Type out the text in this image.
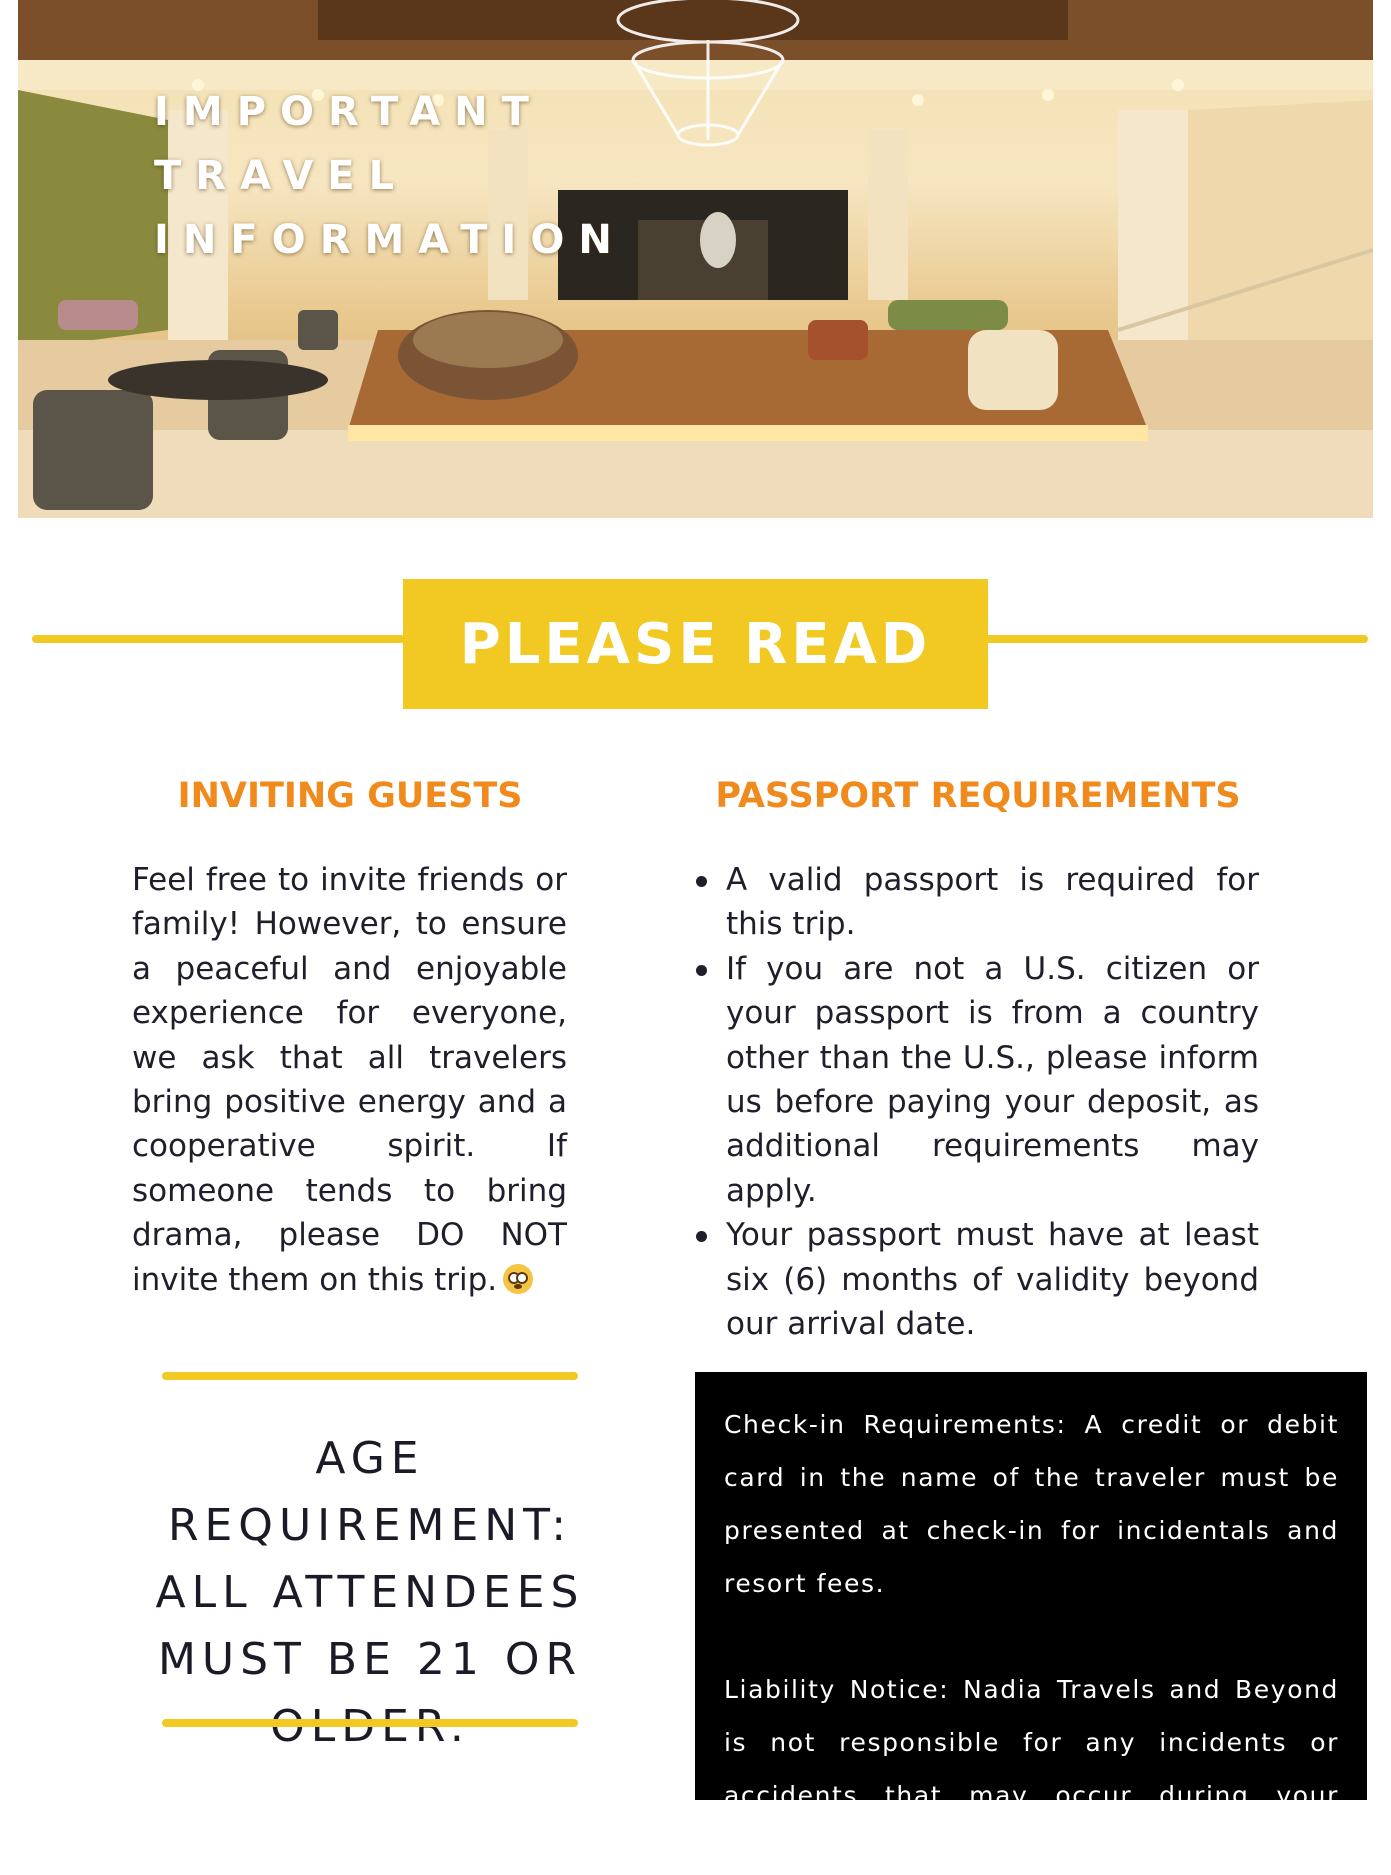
IMPORTANT
TRAVEL
INFORMATION
PLEASE READ
INVITING GUESTS

Feel free to invite friends or family! However, to ensure a peaceful and enjoyable experience for everyone, we ask that all travelers bring positive energy and a cooperative spirit. If someone tends to bring drama, please DO NOT invite them on this trip.

PASSPORT REQUIREMENTS
A valid passport is required for this trip.
If you are not a U.S. citizen or your passport is from a country other than the U.S., please inform us before paying your deposit, as additional requirements may apply.
Your passport must have at least six (6) months of validity beyond our arrival date.

AGE REQUIREMENT:
ALL ATTENDEES
MUST BE 21 OR

Check-in Requirements: A credit or debit card in the name of the traveler must be presented at check-in for incidentals and resort fees.

Liability Notice: Nadia Travels and Beyond is not responsible for any incidents or accidents that may occur during your travel.
